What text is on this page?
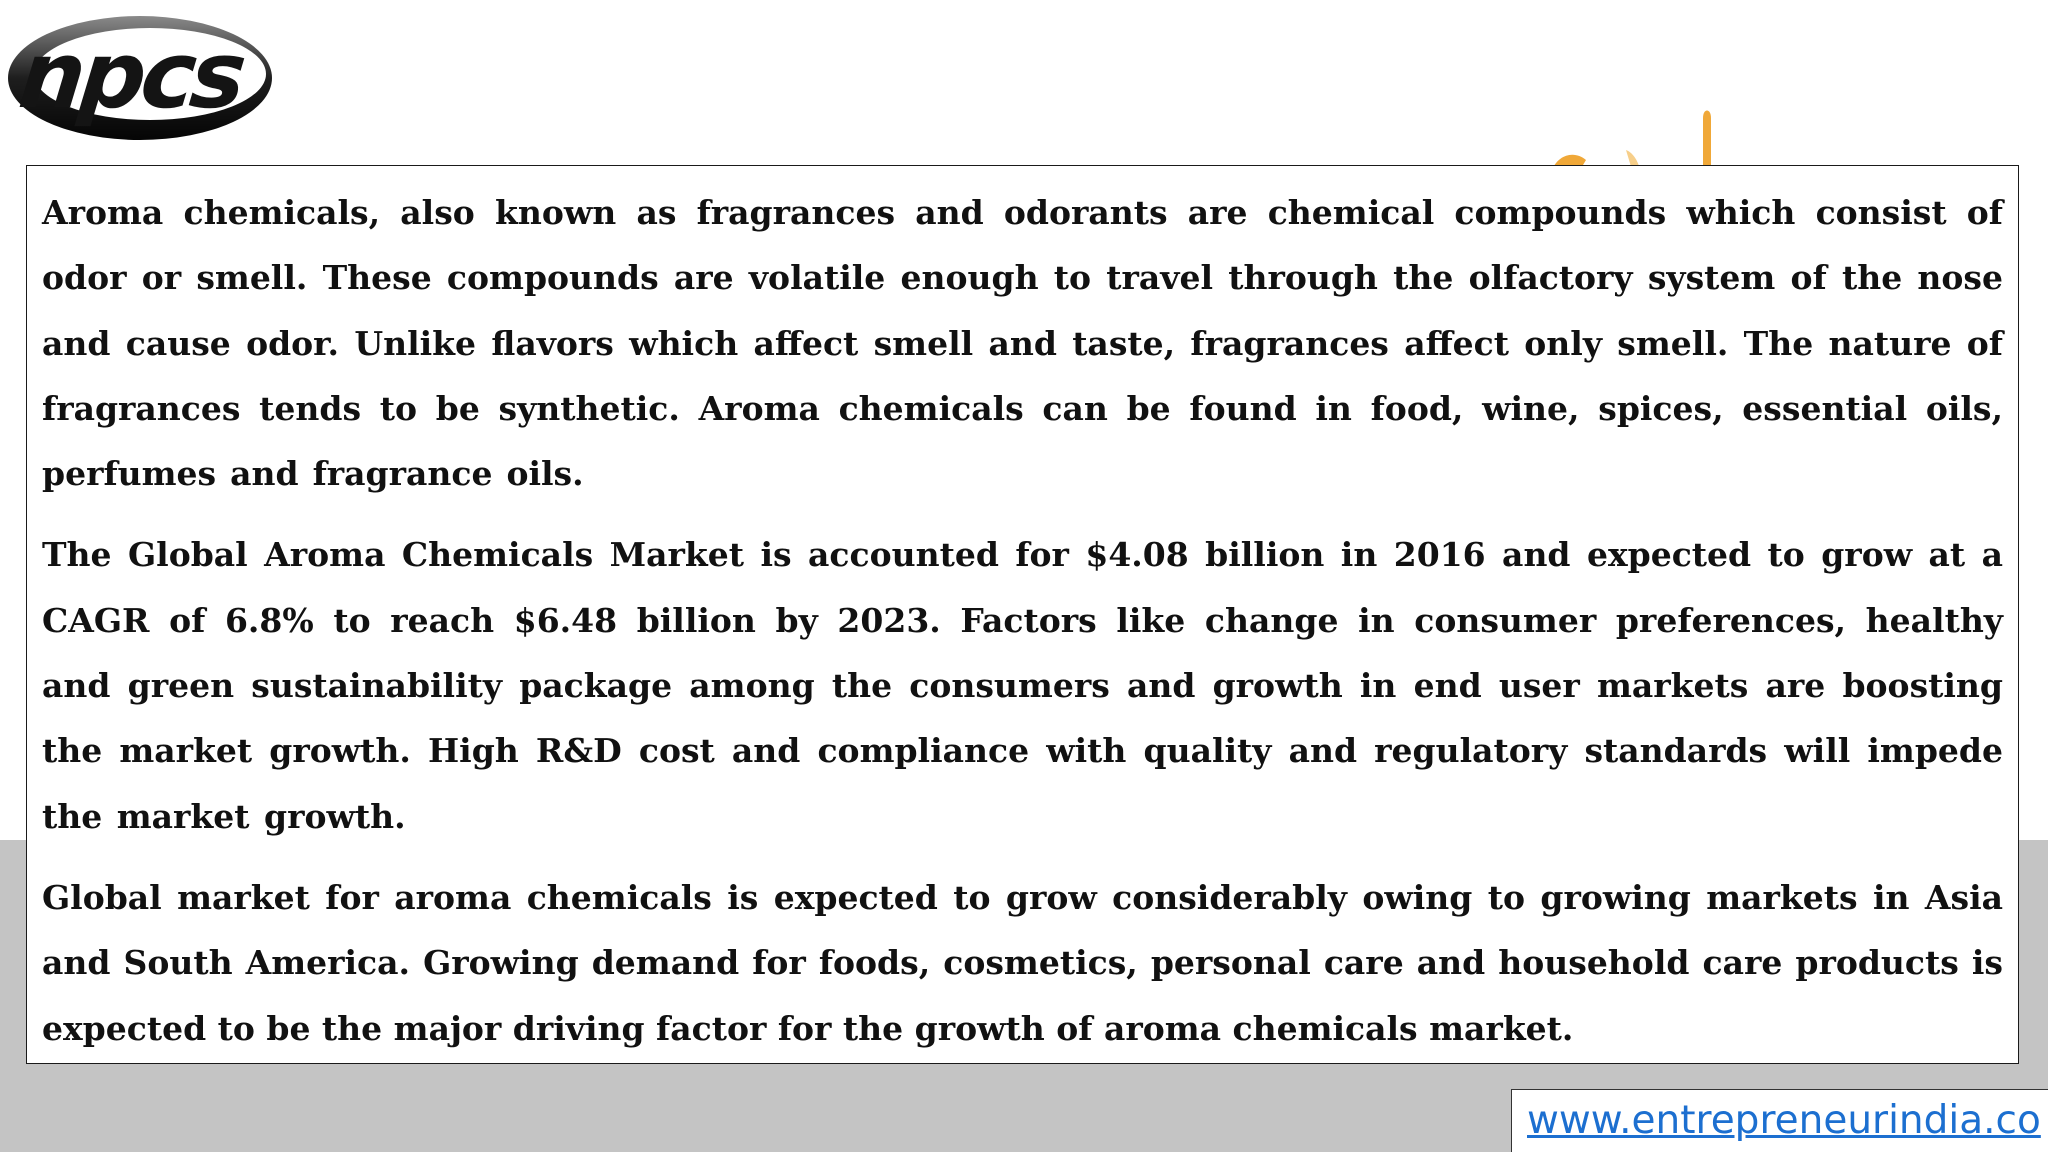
npcs

Aroma chemicals, also known as fragrances and odorants are chemical compounds which consist of odor or smell. These compounds are volatile enough to travel through the olfactory system of the nose and cause odor. Unlike flavors which affect smell and taste, fragrances affect only smell. The nature of fragrances tends to be synthetic. Aroma chemicals can be found in food, wine, spices, essential oils, perfumes and fragrance oils.

The Global Aroma Chemicals Market is accounted for $4.08 billion in 2016 and expected to grow at a CAGR of 6.8% to reach $6.48 billion by 2023. Factors like change in consumer preferences, healthy and green sustainability package among the consumers and growth in end user markets are boosting the market growth. High R&D cost and compliance with quality and regulatory standards will impede the market growth.

Global market for aroma chemicals is expected to grow considerably owing to growing markets in Asia and South America. Growing demand for foods, cosmetics, personal care and household care products is expected to be the major driving factor for the growth of aroma chemicals market.

www.entrepreneurindia.co
